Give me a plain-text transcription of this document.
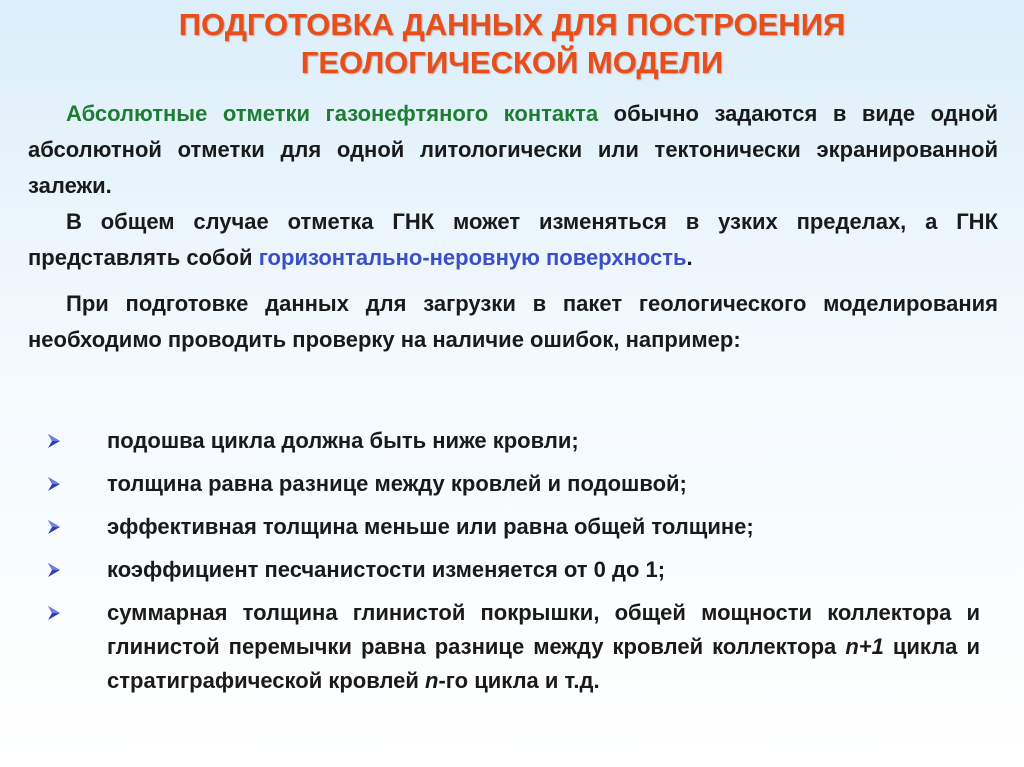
ПОДГОТОВКА ДАННЫХ ДЛЯ ПОСТРОЕНИЯ
ГЕОЛОГИЧЕСКОЙ МОДЕЛИ

Абсолютные отметки газонефтяного контакта обычно задаются в виде одной абсолютной отметки для одной литологически или тектонически экранированной залежи.

В общем случае отметка ГНК может изменяться в узких пределах, а ГНК представлять собой горизонтально-неровную поверхность.

При подготовке данных для загрузки в пакет геологического моделирования необходимо проводить проверку на наличие ошибок, например:

подошва цикла должна быть ниже кровли;
толщина равна разнице между кровлей и подошвой;
эффективная толщина меньше или равна общей толщине;
коэффициент песчанистости изменяется от 0 до 1;
суммарная толщина глинистой покрышки, общей мощности коллектора и глинистой перемычки равна разнице между кровлей коллектора n+1 цикла и стратиграфической кровлей n-го цикла и т.д.
